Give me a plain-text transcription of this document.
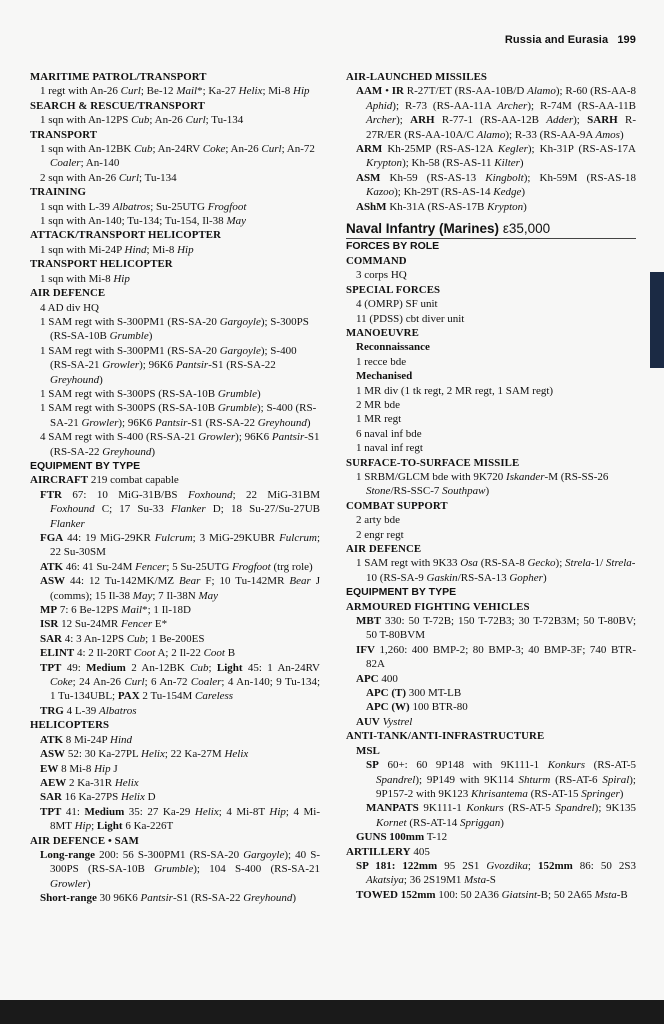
Russia and Eurasia 199
MARITIME PATROL/TRANSPORT
1 regt with An-26 Curl; Be-12 Mail*; Ka-27 Helix; Mi-8 Hip
SEARCH & RESCUE/TRANSPORT
1 sqn with An-12PS Cub; An-26 Curl; Tu-134
TRANSPORT
1 sqn with An-12BK Cub; An-24RV Coke; An-26 Curl; An-72 Coaler; An-140
2 sqn with An-26 Curl; Tu-134
TRAINING
1 sqn with L-39 Albatros; Su-25UTG Frogfoot
1 sqn with An-140; Tu-134; Tu-154, Il-38 May
ATTACK/TRANSPORT HELICOPTER
1 sqn with Mi-24P Hind; Mi-8 Hip
TRANSPORT HELICOPTER
1 sqn with Mi-8 Hip
AIR DEFENCE
4 AD div HQ
1 SAM regt with S-300PM1 (RS-SA-20 Gargoyle); S-300PS (RS-SA-10B Grumble)
1 SAM regt with S-300PM1 (RS-SA-20 Gargoyle); S-400 (RS-SA-21 Growler); 96K6 Pantsir-S1 (RS-SA-22 Greyhound)
1 SAM regt with S-300PS (RS-SA-10B Grumble)
1 SAM regt with S-300PS (RS-SA-10B Grumble); S-400 (RS-SA-21 Growler); 96K6 Pantsir-S1 (RS-SA-22 Greyhound)
4 SAM regt with S-400 (RS-SA-21 Growler); 96K6 Pantsir-S1 (RS-SA-22 Greyhound)
EQUIPMENT BY TYPE
AIRCRAFT 219 combat capable
FTR 67: 10 MiG-31B/BS Foxhound; 22 MiG-31BM Foxhound C; 17 Su-33 Flanker D; 18 Su-27/Su-27UB Flanker
FGA 44: 19 MiG-29KR Fulcrum; 3 MiG-29KUBR Fulcrum; 22 Su-30SM
ATK 46: 41 Su-24M Fencer; 5 Su-25UTG Frogfoot (trg role)
ASW 44: 12 Tu-142MK/MZ Bear F; 10 Tu-142MR Bear J (comms); 15 Il-38 May; 7 Il-38N May
MP 7: 6 Be-12PS Mail*; 1 Il-18D
ISR 12 Su-24MR Fencer E*
SAR 4: 3 An-12PS Cub; 1 Be-200ES
ELINT 4: 2 Il-20RT Coot A; 2 Il-22 Coot B
TPT 49: Medium 2 An-12BK Cub; Light 45: 1 An-24RV Coke; 24 An-26 Curl; 6 An-72 Coaler; 4 An-140; 9 Tu-134; 1 Tu-134UBL; PAX 2 Tu-154M Careless
TRG 4 L-39 Albatros
HELICOPTERS
ATK 8 Mi-24P Hind
ASW 52: 30 Ka-27PL Helix; 22 Ka-27M Helix
EW 8 Mi-8 Hip J
AEW 2 Ka-31R Helix
SAR 16 Ka-27PS Helix D
TPT 41: Medium 35: 27 Ka-29 Helix; 4 Mi-8T Hip; 4 Mi-8MT Hip; Light 6 Ka-226T
AIR DEFENCE • SAM
Long-range 200: 56 S-300PM1 (RS-SA-20 Gargoyle); 40 S-300PS (RS-SA-10B Grumble); 104 S-400 (RS-SA-21 Growler)
Short-range 30 96K6 Pantsir-S1 (RS-SA-22 Greyhound)
AIR-LAUNCHED MISSILES
AAM • IR R-27T/ET (RS-AA-10B/D Alamo); R-60 (RS-AA-8 Aphid); R-73 (RS-AA-11A Archer); R-74M (RS-AA-11B Archer); ARH R-77-1 (RS-AA-12B Adder); SARH R-27R/ER (RS-AA-10A/C Alamo); R-33 (RS-AA-9A Amos)
ARM Kh-25MP (RS-AS-12A Kegler); Kh-31P (RS-AS-17A Krypton); Kh-58 (RS-AS-11 Kilter)
ASM Kh-59 (RS-AS-13 Kingbolt); Kh-59M (RS-AS-18 Kazoo); Kh-29T (RS-AS-14 Kedge)
AShM Kh-31A (RS-AS-17B Krypton)
Naval Infantry (Marines) ε35,000
FORCES BY ROLE
COMMAND
3 corps HQ
SPECIAL FORCES
4 (OMRP) SF unit
11 (PDSS) cbt diver unit
MANOEUVRE
Reconnaissance
1 recce bde
Mechanised
1 MR div (1 tk regt, 2 MR regt, 1 SAM regt)
2 MR bde
1 MR regt
6 naval inf bde
1 naval inf regt
SURFACE-TO-SURFACE MISSILE
1 SRBM/GLCM bde with 9K720 Iskander-M (RS-SS-26 Stone/RS-SSC-7 Southpaw)
COMBAT SUPPORT
2 arty bde
2 engr regt
AIR DEFENCE
1 SAM regt with 9K33 Osa (RS-SA-8 Gecko); Strela-1/ Strela-10 (RS-SA-9 Gaskin/RS-SA-13 Gopher)
EQUIPMENT BY TYPE
ARMOURED FIGHTING VEHICLES
MBT 330: 50 T-72B; 150 T-72B3; 30 T-72B3M; 50 T-80BV; 50 T-80BVM
IFV 1,260: 400 BMP-2; 80 BMP-3; 40 BMP-3F; 740 BTR-82A
APC 400
APC (T) 300 MT-LB
APC (W) 100 BTR-80
AUV Vystrel
ANTI-TANK/ANTI-INFRASTRUCTURE
MSL
SP 60+: 60 9P148 with 9K111-1 Konkurs (RS-AT-5 Spandrel); 9P149 with 9K114 Shturm (RS-AT-6 Spiral); 9P157-2 with 9K123 Khrisantema (RS-AT-15 Springer)
MANPATS 9K111-1 Konkurs (RS-AT-5 Spandrel); 9K135 Kornet (RS-AT-14 Spriggan)
GUNS 100mm T-12
ARTILLERY 405
SP 181: 122mm 95 2S1 Gvozdika; 152mm 86: 50 2S3 Akatsiya; 36 2S19M1 Msta-S
TOWED 152mm 100: 50 2A36 Giatsint-B; 50 2A65 Msta-B
